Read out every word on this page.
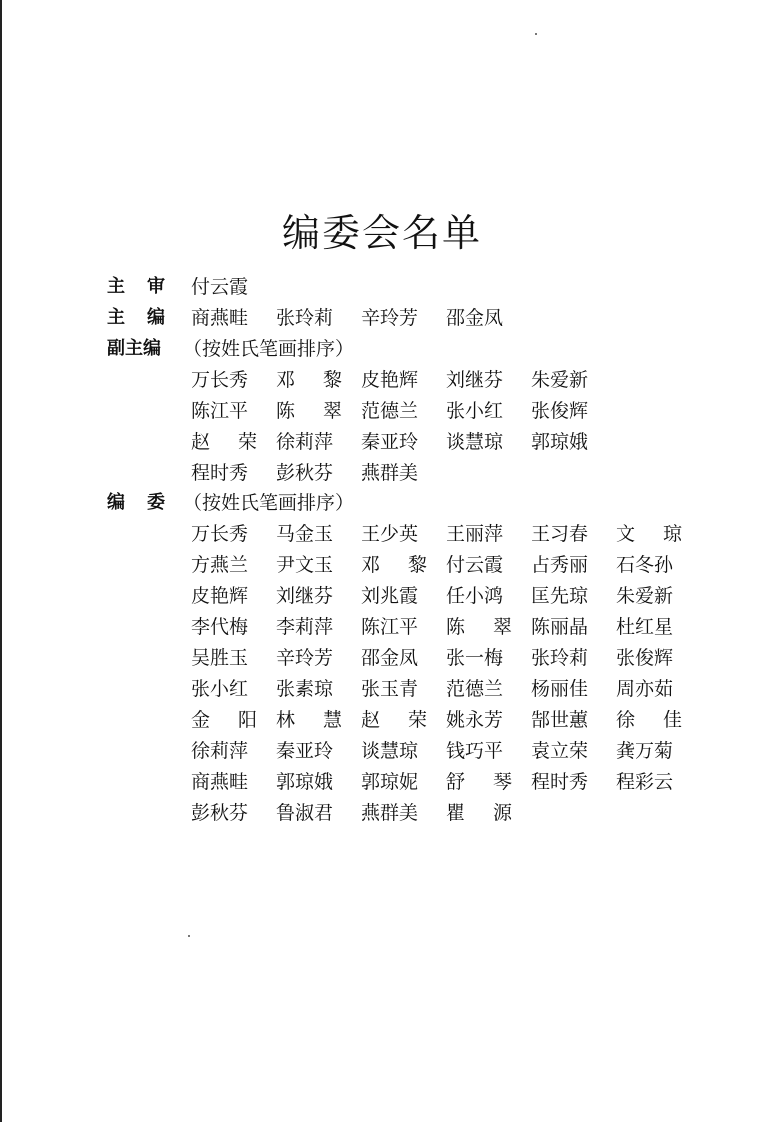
编委会名单
主 审 付云霞
主 编 商燕畦 张玲莉 辛玲芳 邵金凤
副主编	（按姓氏笔画排序）
万长秀 邓 黎 皮艳辉 刘继芬 朱爱新
陈江平 陈 翠 范德兰 张小红 张俊辉
赵 荣 徐莉萍 秦亚玲 谈慧琼 郭琼娥
程时秀 彭秋芬 燕群美
编 委 （按姓氏笔画排序）
万长秀 马金玉 王少英 王丽萍 王习春 文 琼
方燕兰 尹文玉 邓 黎 付云霞 占秀丽 石冬孙
皮艳辉 刘继芬 刘兆霞 任小鸿 匡先琼 朱爱新
李代梅 李莉萍 陈江平 陈 翠 陈丽晶 杜红星
吴胜玉 辛玲芳 邵金凤 张一梅 张玲莉 张俊辉
张小红 张素琼 张玉青 范德兰 杨丽佳 周亦茹
金 阳 林 慧 赵 荣 姚永芳 郜世蕙 徐 佳
徐莉萍 秦亚玲 谈慧琼 钱巧平 袁立荣 龚万菊
商燕畦 郭琼娥 郭琼妮 舒 琴 程时秀 程彩云
彭秋芬 鲁淑君 燕群美 瞿 源
